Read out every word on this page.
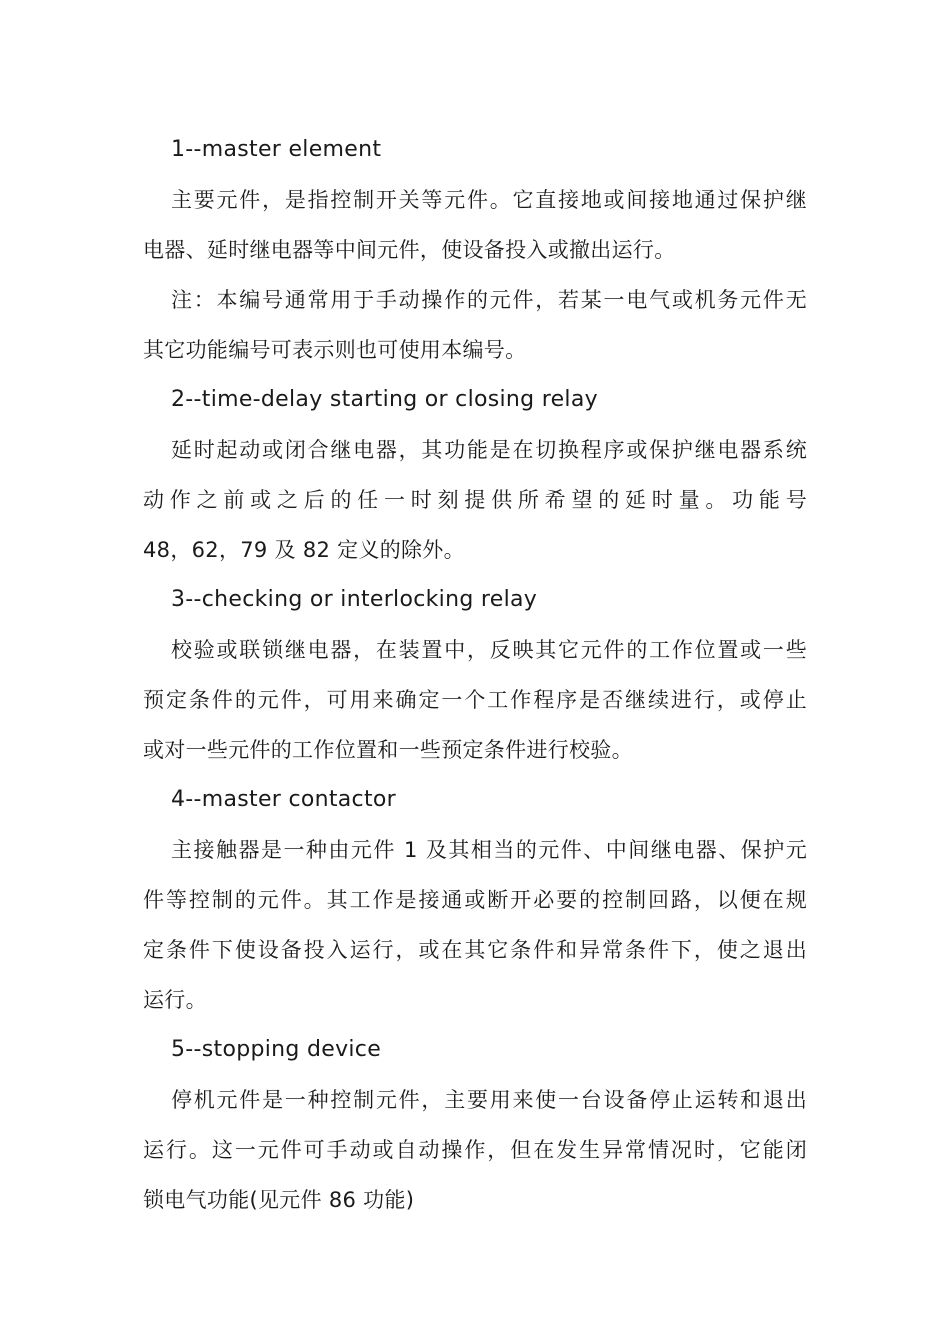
1--master element
主要元件，是指控制开关等元件。它直接地或间接地通过保护继
电器、延时继电器等中间元件，使设备投入或撤出运行。
注：本编号通常用于手动操作的元件，若某一电气或机务元件无
其它功能编号可表示则也可使用本编号。
2--time-delay starting or closing relay
延时起动或闭合继电器，其功能是在切换程序或保护继电器系统
动作之前或之后的任一时刻提供所希望的延时量。功能号
48，62，79 及 82 定义的除外。
3--checking or interlocking relay
校验或联锁继电器，在装置中，反映其它元件的工作位置或一些
预定条件的元件，可用来确定一个工作程序是否继续进行，或停止
或对一些元件的工作位置和一些预定条件进行校验。
4--master contactor
主接触器是一种由元件 1 及其相当的元件、中间继电器、保护元
件等控制的元件。其工作是接通或断开必要的控制回路，以便在规
定条件下使设备投入运行，或在其它条件和异常条件下，使之退出
运行。
5--stopping device
停机元件是一种控制元件，主要用来使一台设备停止运转和退出
运行。这一元件可手动或自动操作，但在发生异常情况时，它能闭
锁电气功能(见元件 86 功能)
